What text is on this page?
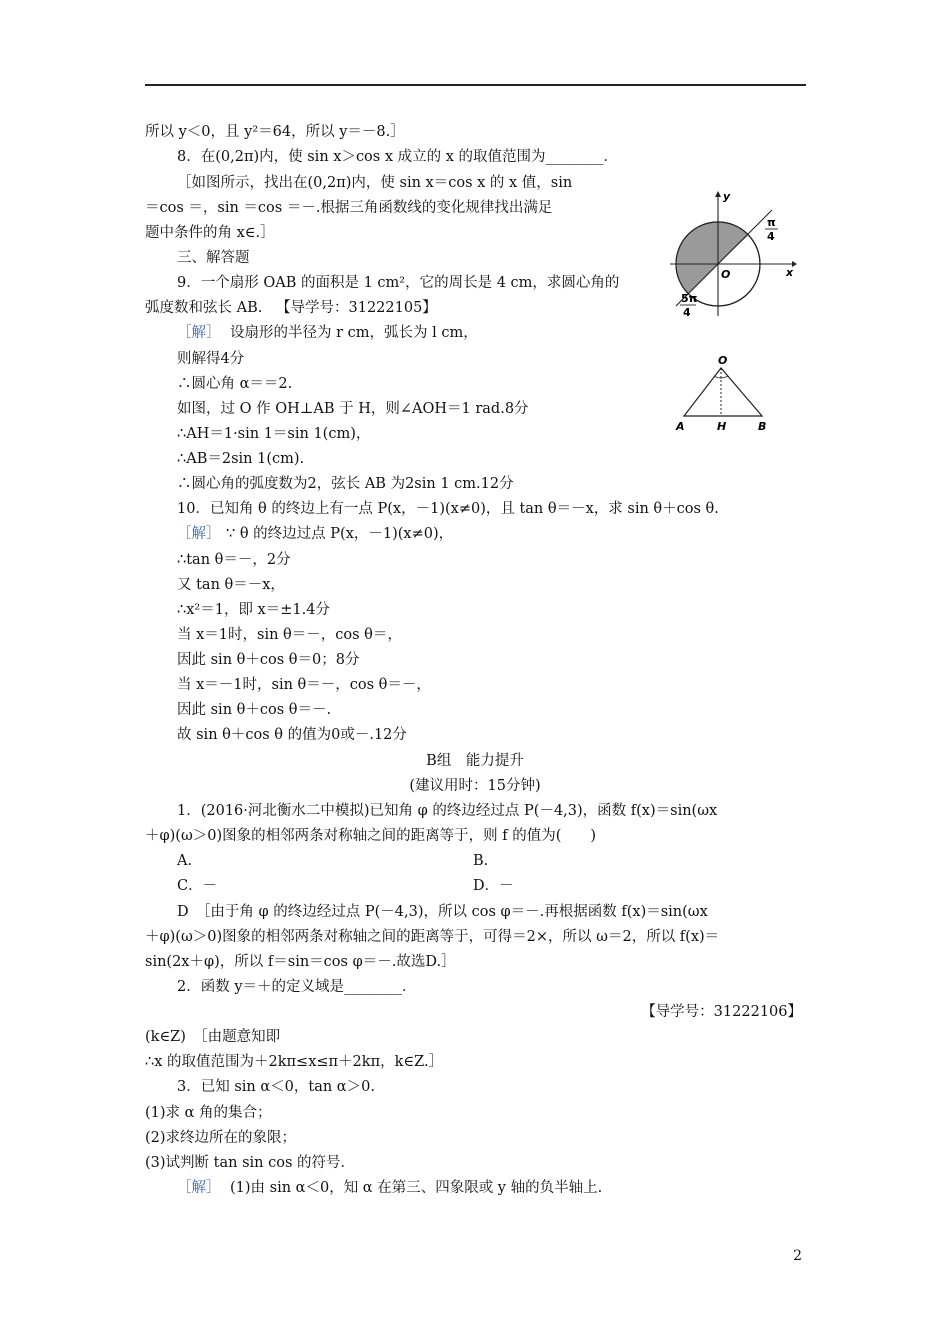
所以 y＜0，且 y²＝64，所以 y＝－8.］
8．在(0,2π)内，使 sin x＞cos x 成立的 x 的取值范围为________．
［如图所示，找出在(0,2π)内，使 sin x＝cos x 的 x 值，sin
＝cos ＝，sin ＝cos ＝－.根据三角函数线的变化规律找出满足
题中条件的角 x∈.］
三、解答题
9．一个扇形 OAB 的面积是 1 cm²，它的周长是 4 cm，求圆心角的
弧度数和弦长 AB. 【导学号：31222105】
［解］ 设扇形的半径为 r cm，弧长为 l cm，
则解得4分
∴圆心角 α＝＝2.
如图，过 O 作 OH⊥AB 于 H，则∠AOH＝1 rad.8分
∴AH＝1·sin 1＝sin 1(cm)，
∴AB＝2sin 1(cm).
∴圆心角的弧度数为2，弦长 AB 为2sin 1 cm.12分
10．已知角 θ 的终边上有一点 P(x，－1)(x≠0)，且 tan θ＝－x，求 sin θ＋cos θ.
［解］ ∵ θ 的终边过点 P(x，－1)(x≠0)，
∴tan θ＝－，2分
又 tan θ＝－x，
∴x²＝1，即 x＝±1.4分
当 x＝1时，sin θ＝－，cos θ＝，
因此 sin θ＋cos θ＝0；8分
当 x＝－1时，sin θ＝－，cos θ＝－，
因此 sin θ＋cos θ＝－.
故 sin θ＋cos θ 的值为0或－.12分
B组　能力提升
(建议用时：15分钟)
1．(2016·河北衡水二中模拟)已知角 φ 的终边经过点 P(－4,3)，函数 f(x)＝sin(ωx
＋φ)(ω＞0)图象的相邻两条对称轴之间的距离等于，则 f 的值为(　　)
A.	B.
C．－	D．－
D　［由于角 φ 的终边经过点 P(－4,3)，所以 cos φ＝－.再根据函数 f(x)＝sin(ωx
＋φ)(ω＞0)图象的相邻两条对称轴之间的距离等于，可得＝2×，所以 ω＝2，所以 f(x)＝
sin(2x＋φ)，所以 f＝sin＝cos φ＝－.故选D.］
2．函数 y＝＋的定义域是________．
【导学号：31222106】
(k∈Z)　［由题意知即
∴x 的取值范围为＋2kπ≤x≤π＋2kπ，k∈Z.］
3．已知 sin α＜0，tan α＞0.
(1)求 α 角的集合；
(2)求终边所在的象限；
(3)试判断 tan sin cos 的符号．
［解］ (1)由 sin α＜0，知 α 在第三、四象限或 y 轴的负半轴上.
y
x
O
π
4
5π
4
O
A	H	B
2
